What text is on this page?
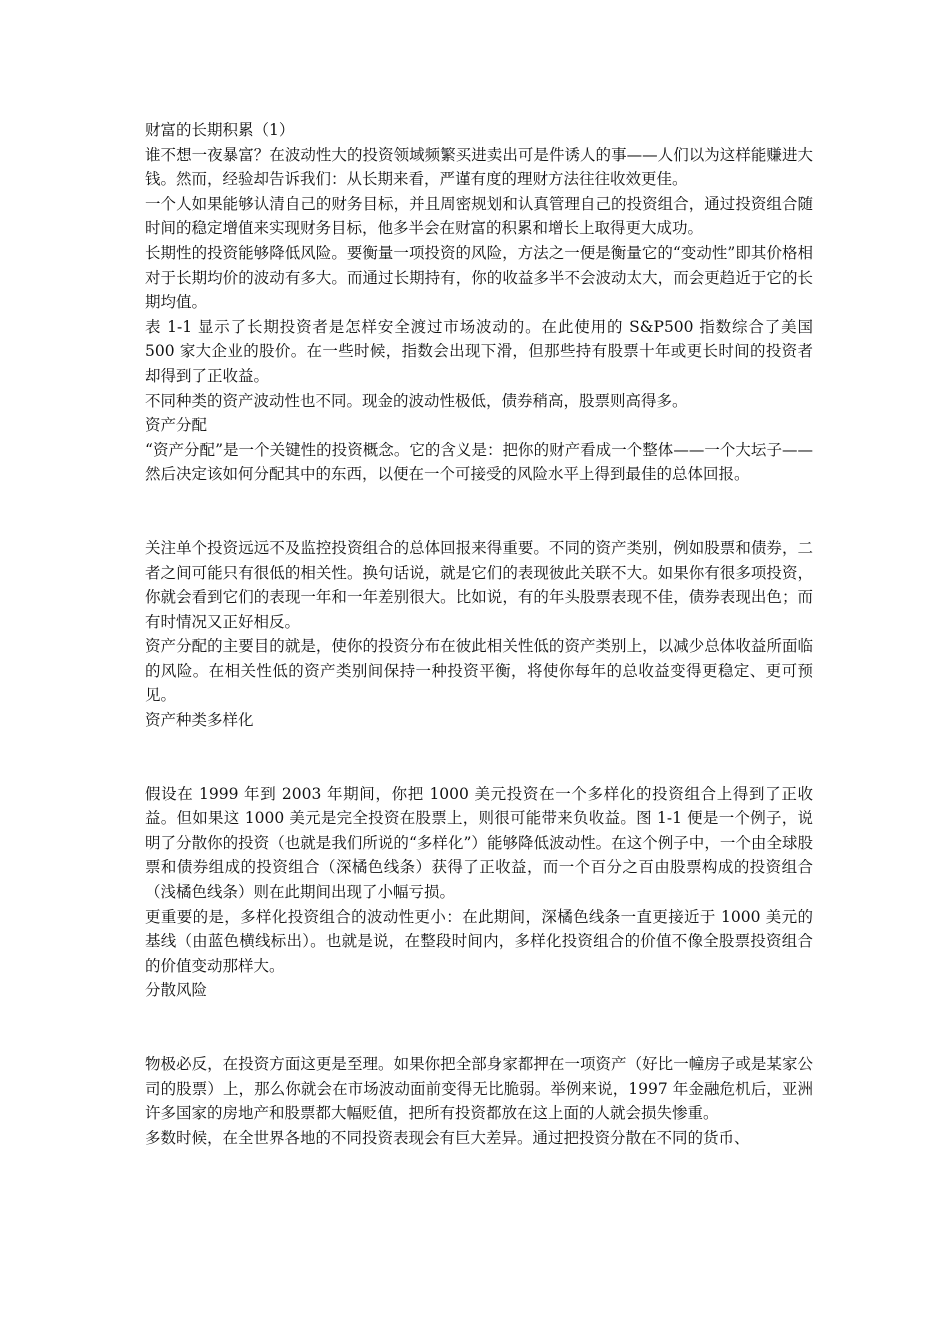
财富的长期积累（1）

谁不想一夜暴富？在波动性大的投资领域频繁买进卖出可是件诱人的事——人们以为这样能赚进大钱。然而，经验却告诉我们：从长期来看，严谨有度的理财方法往往收效更佳。

一个人如果能够认清自己的财务目标，并且周密规划和认真管理自己的投资组合，通过投资组合随时间的稳定增值来实现财务目标，他多半会在财富的积累和增长上取得更大成功。

长期性的投资能够降低风险。要衡量一项投资的风险，方法之一便是衡量它的“变动性”即其价格相对于长期均价的波动有多大。而通过长期持有，你的收益多半不会波动太大，而会更趋近于它的长期均值。

表 1-1 显示了长期投资者是怎样安全渡过市场波动的。在此使用的 S&P500 指数综合了美国 500 家大企业的股价。在一些时候，指数会出现下滑，但那些持有股票十年或更长时间的投资者却得到了正收益。

不同种类的资产波动性也不同。现金的波动性极低，债券稍高，股票则高得多。

资产分配

“资产分配”是一个关键性的投资概念。它的含义是：把你的财产看成一个整体——一个大坛子——然后决定该如何分配其中的东西，以便在一个可接受的风险水平上得到最佳的总体回报。

关注单个投资远远不及监控投资组合的总体回报来得重要。不同的资产类别，例如股票和债券，二者之间可能只有很低的相关性。换句话说，就是它们的表现彼此关联不大。如果你有很多项投资，你就会看到它们的表现一年和一年差别很大。比如说，有的年头股票表现不佳，债券表现出色；而有时情况又正好相反。

资产分配的主要目的就是，使你的投资分布在彼此相关性低的资产类别上，以减少总体收益所面临的风险。在相关性低的资产类别间保持一种投资平衡，将使你每年的总收益变得更稳定、更可预见。

资产种类多样化

假设在 1999 年到 2003 年期间，你把 1000 美元投资在一个多样化的投资组合上得到了正收益。但如果这 1000 美元是完全投资在股票上，则很可能带来负收益。图 1-1 便是一个例子，说明了分散你的投资（也就是我们所说的“多样化”）能够降低波动性。在这个例子中，一个由全球股票和债券组成的投资组合（深橘色线条）获得了正收益，而一个百分之百由股票构成的投资组合（浅橘色线条）则在此期间出现了小幅亏损。

更重要的是，多样化投资组合的波动性更小：在此期间，深橘色线条一直更接近于 1000 美元的基线（由蓝色横线标出）。也就是说，在整段时间内，多样化投资组合的价值不像全股票投资组合的价值变动那样大。

分散风险

物极必反，在投资方面这更是至理。如果你把全部身家都押在一项资产（好比一幢房子或是某家公司的股票）上，那么你就会在市场波动面前变得无比脆弱。举例来说，1997 年金融危机后，亚洲许多国家的房地产和股票都大幅贬值，把所有投资都放在这上面的人就会损失惨重。

多数时候，在全世界各地的不同投资表现会有巨大差异。通过把投资分散在不同的货币、
